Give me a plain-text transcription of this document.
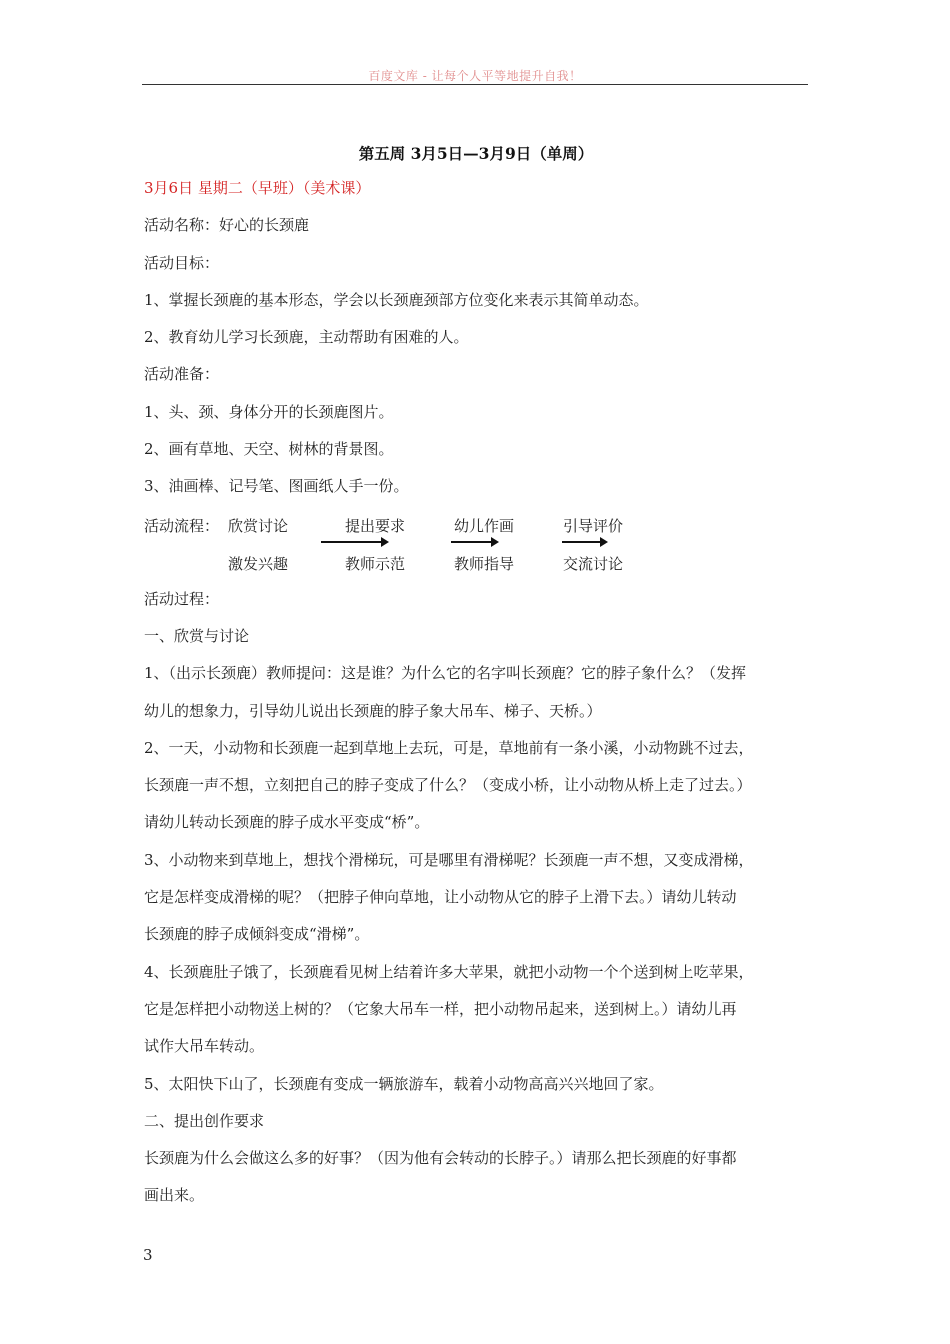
百度文库 - 让每个人平等地提升自我！
第五周 3月5日—3月9日（单周）
3月6日 星期二（早班）（美术课）
活动名称：好心的长颈鹿
活动目标：
1、掌握长颈鹿的基本形态，学会以长颈鹿颈部方位变化来表示其简单动态。
2、教育幼儿学习长颈鹿，主动帮助有困难的人。
活动准备：
1、头、颈、身体分开的长颈鹿图片。
2、画有草地、天空、树林的背景图。
3、油画棒、记号笔、图画纸人手一份。
活动流程： 欣赏讨论
激发兴趣
提出要求
教师示范
幼儿作画
教师指导
引导评价
交流讨论
活动过程：
一、欣赏与讨论
1、（出示长颈鹿）教师提问：这是谁？为什么它的名字叫长颈鹿？它的脖子象什么？（发挥
幼儿的想象力，引导幼儿说出长颈鹿的脖子象大吊车、梯子、天桥。）
2、一天，小动物和长颈鹿一起到草地上去玩，可是，草地前有一条小溪，小动物跳不过去，
长颈鹿一声不想，立刻把自己的脖子变成了什么？（变成小桥，让小动物从桥上走了过去。）
请幼儿转动长颈鹿的脖子成水平变成“桥”。
3、小动物来到草地上，想找个滑梯玩，可是哪里有滑梯呢？长颈鹿一声不想，又变成滑梯，
它是怎样变成滑梯的呢？（把脖子伸向草地，让小动物从它的脖子上滑下去。）请幼儿转动
长颈鹿的脖子成倾斜变成“滑梯”。
4、长颈鹿肚子饿了，长颈鹿看见树上结着许多大苹果，就把小动物一个个送到树上吃苹果，
它是怎样把小动物送上树的？（它象大吊车一样，把小动物吊起来，送到树上。）请幼儿再
试作大吊车转动。
5、太阳快下山了，长颈鹿有变成一辆旅游车，载着小动物高高兴兴地回了家。
二、提出创作要求
长颈鹿为什么会做这么多的好事？（因为他有会转动的长脖子。）请那么把长颈鹿的好事都
画出来。
3
